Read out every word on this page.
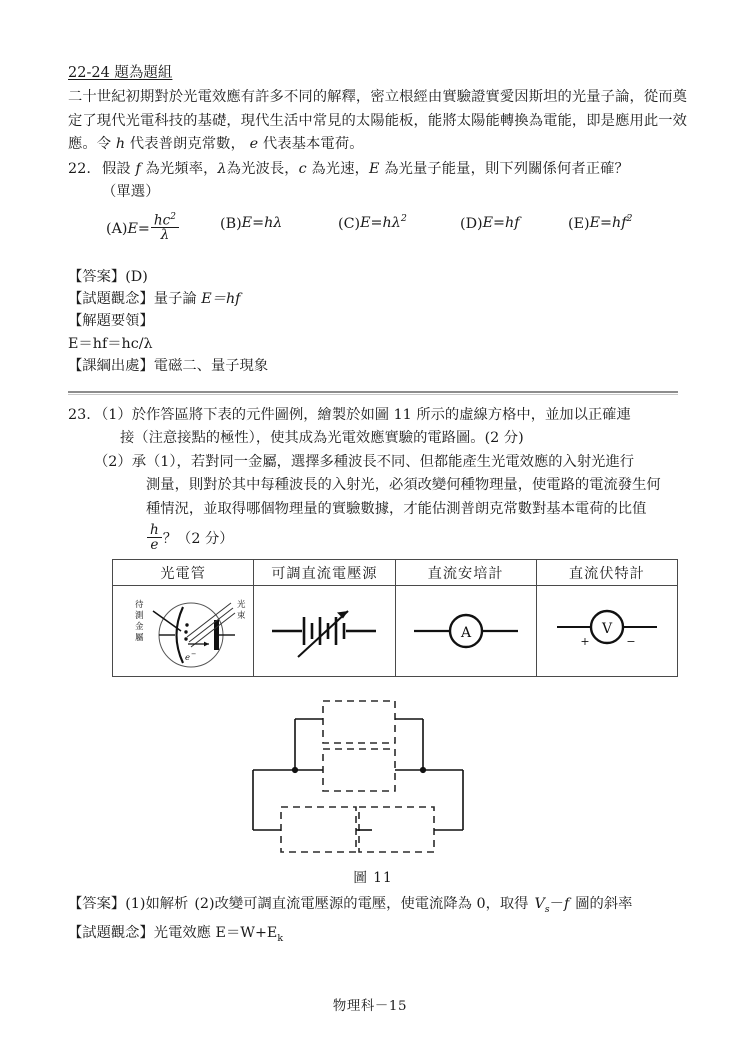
22-24 題為題組
二十世紀初期對於光電效應有許多不同的解釋，密立根經由實驗證實愛因斯坦的光量子論，從而奠
定了現代光電科技的基礎，現代生活中常見的太陽能板，能將太陽能轉換為電能，即是應用此一效
應。令 h 代表普朗克常數， e 代表基本電荷。
22. 假設 f 為光頻率，λ為光波長，c 為光速，E 為光量子能量，則下列關係何者正確？
（單選）
$(A)E= \frac{hc^2}{\lambda}$	(B)E=hλ	$(C)E=h\lambda^2$	(D)E=hf	$(E)E=hf^2$
【答案】(D)
【試題觀念】量子論 E＝hf
【解題要領】
E＝hf＝hc/λ
【課綱出處】電磁二、量子現象
23. （1）於作答區將下表的元件圖例，繪製於如圖 11 所示的虛線方格中，並加以正確連
接（注意接點的極性），使其成為光電效應實驗的電路圖。(2 分)
（2）承（1），若對同一金屬，選擇多種波長不同、但都能產生光電效應的入射光進行
測量，則對於其中每種波長的入射光，必須改變何種物理量，使電路的電流發生何
種情況，並取得哪個物理量的實驗數據，才能估測普朗克常數對基本電荷的比值
$\frac{h}{e}$ ？（2 分）
光電管	可調直流電壓源	直流安培計	直流伏特計

待
測
金
屬
光
束
e −

A	V
+	−
圖 11
【答案】(1)如解析 (2)改變可調直流電壓源的電壓，使電流降為 0，取得 $V_s-f$ 圖的斜率
【試題觀念】光電效應 $E=W+E_k$
物理科－15
